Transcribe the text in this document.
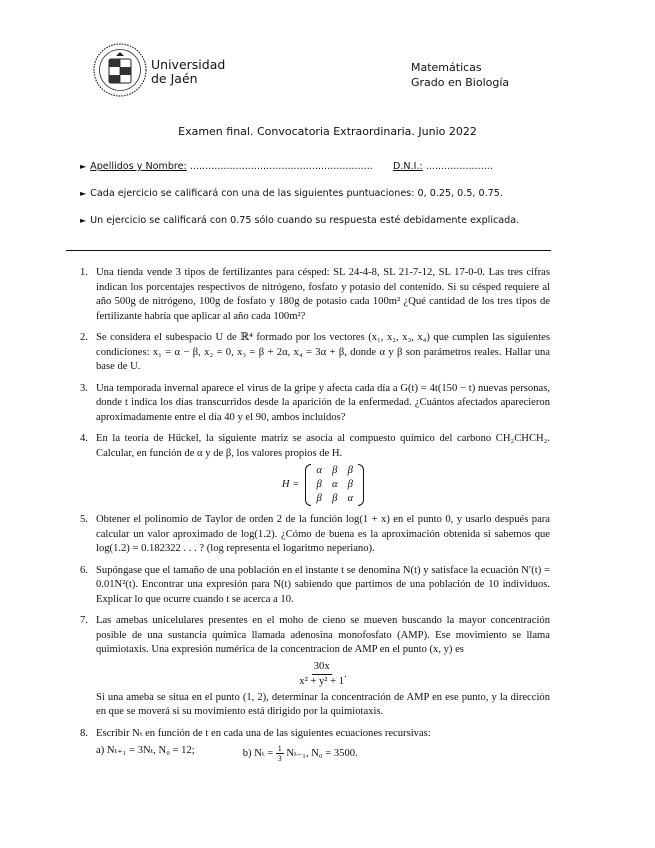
Universidad
de Jaén
Matemáticas
Grado en Biología
Examen final. Convocatoria Extraordinaria. Junio 2022
► Apellidos y Nombre: ............................................................ D.N.I.: ......................
► Cada ejercicio se calificará con una de las siguientes puntuaciones: 0, 0.25, 0.5, 0.75.
► Un ejercicio se calificará con 0.75 sólo cuando su respuesta esté debidamente explicada.
1. Una tienda vende 3 tipos de fertilizantes para césped: SL 24-4-8, SL 21-7-12, SL 17-0-0. Las tres cifras indican los porcentajes respectivos de nitrógeno, fosfato y potasio del contenido. Si su césped requiere al año 500g de nitrógeno, 100g de fosfato y 180g de potasio cada 100m² ¿Qué cantidad de los tres tipos de fertilizante habría que aplicar al año cada 100m²?
2. Se considera el subespacio U de ℝ⁴ formado por los vectores (x₁, x₂, x₃, x₄) que cumplen las siguientes condiciones: x₁ = α − β, x₂ = 0, x₃ = β + 2α, x₄ = 3α + β, donde α y β son parámetros reales. Hallar una base de U.
3. Una temporada invernal aparece el virus de la gripe y afecta cada día a G(t) = 4t(150 − t) nuevas personas, donde t indica los días transcurridos desde la aparición de la enfermedad. ¿Cuántos afectados aparecieron aproximadamente entre el día 40 y el 90, ambos incluidos?
4. En la teoría de Hückel, la siguiente matriz se asocia al compuesto químico del carbono CH₂CHCH₂. Calcular, en función de α y de β, los valores propios de H.
H =
α	β	β
β	α	β
β	β	α
5. Obtener el polinomio de Taylor de orden 2 de la función log(1 + x) en el punto 0, y usarlo después para calcular un valor aproximado de log(1.2). ¿Cómo de buena es la aproximación obtenida si sabemos que log(1.2) = 0.182322 . . . ? (log representa el logaritmo neperiano).
6. Supóngase que el tamaño de una población en el instante t se denomina N(t) y satisface la ecuación N′(t) = 0.01N²(t). Encontrar una expresión para N(t) sabiendo que partimos de una población de 10 individuos. Explicar lo que ocurre cuando t se acerca a 10.
7. Las amebas unicelulares presentes en el moho de cieno se mueven buscando la mayor concentración posible de una sustancia química llamada adenosina monofosfato (AMP). Ese movimiento se llama quimiotaxis. Una expresión numérica de la concentracion de AMP en el punto (x, y) es
$\frac{30x}{\text{x² + y² + 1}}$ .
Si una ameba se situa en el punto (1, 2), determinar la concentración de AMP en ese punto, y la dirección en que se moverá si su movimiento está dirigido por la quimiotaxis.
8. Escribir Nₜ en función de t en cada una de las siguientes ecuaciones recursivas:
a) Nₜ₊₁ = 3Nₜ, N₀ = 12;	b) $N_t = \frac{1}{3} N_{t-1}$, N₀ = 3500.
